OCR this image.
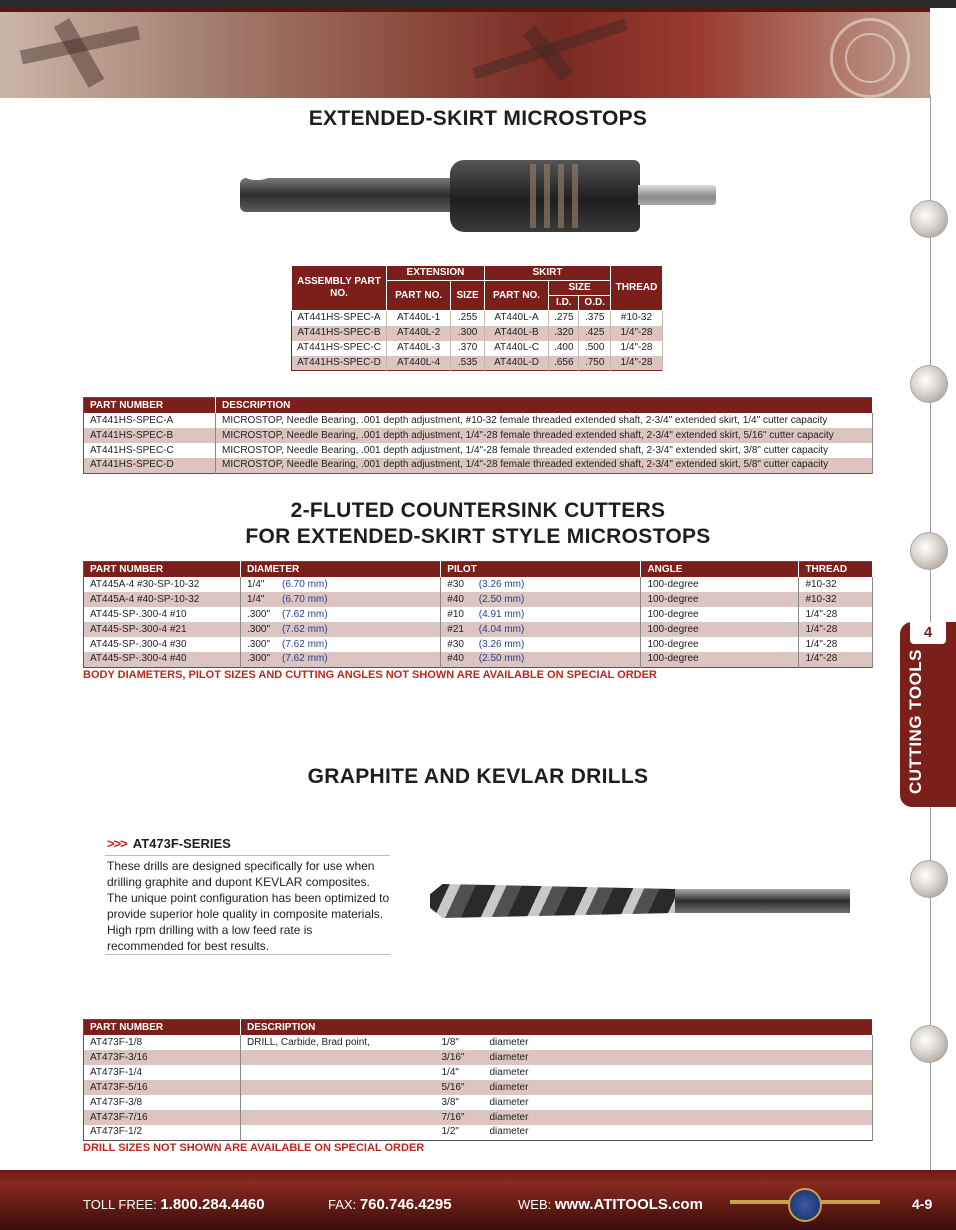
4
CUTTING TOOLS
EXTENDED-SKIRT MICROSTOPS
ASSEMBLY PART NO.	EXTENSION		SKIRT			THREAD
	PART NO.	SIZE	PART NO.	SIZE		
				I.D.	O.D.	
AT441HS-SPEC-A	AT440L-1	.255	AT440L-A	.275	.375	#10-32
AT441HS-SPEC-B	AT440L-2	.300	AT440L-B	.320	.425	1/4"-28
AT441HS-SPEC-C	AT440L-3	.370	AT440L-C	.400	.500	1/4"-28
AT441HS-SPEC-D	AT440L-4	.535	AT440L-D	.656	.750	1/4"-28
PART NUMBER	DESCRIPTION
AT441HS-SPEC-A	MICROSTOP, Needle Bearing, .001 depth adjustment, #10-32 female threaded extended shaft, 2-3/4" extended skirt, 1/4" cutter capacity
AT441HS-SPEC-B	MICROSTOP, Needle Bearing, .001 depth adjustment, 1/4"-28 female threaded extended shaft, 2-3/4" extended skirt, 5/16" cutter capacity
AT441HS-SPEC-C	MICROSTOP, Needle Bearing, .001 depth adjustment, 1/4"-28 female threaded extended shaft, 2-3/4" extended skirt, 3/8" cutter capacity
AT441HS-SPEC-D	MICROSTOP, Needle Bearing, .001 depth adjustment, 1/4"-28 female threaded extended shaft, 2-3/4" extended skirt, 5/8" cutter capacity
2-FLUTED COUNTERSINK CUTTERS
FOR EXTENDED-SKIRT STYLE MICROSTOPS
PART NUMBER	DIAMETER		PILOT		ANGLE	THREAD
AT445A-4 #30-SP-10-32	1/4"	(6.70 mm)	#30	(3.26 mm)	100-degree	#10-32
AT445A-4 #40-SP-10-32	1/4"	(6.70 mm)	#40	(2.50 mm)	100-degree	#10-32
AT445-SP-.300-4 #10	.300"	(7.62 mm)	#10	(4.91 mm)	100-degree	1/4"-28
AT445-SP-.300-4 #21	.300"	(7.62 mm)	#21	(4.04 mm)	100-degree	1/4"-28
AT445-SP-.300-4 #30	.300"	(7.62 mm)	#30	(3.26 mm)	100-degree	1/4"-28
AT445-SP-.300-4 #40	.300"	(7.62 mm)	#40	(2.50 mm)	100-degree	1/4"-28
BODY DIAMETERS, PILOT SIZES AND CUTTING ANGLES NOT SHOWN ARE AVAILABLE ON SPECIAL ORDER
GRAPHITE AND KEVLAR DRILLS
>>> AT473F-SERIES
These drills are designed specifically for use when drilling graphite and dupont KEVLAR composites. The unique point configuration has been optimized to provide superior hole quality in composite materials. High rpm drilling with a low feed rate is recommended for best results.
PART NUMBER	DESCRIPTION		
AT473F-1/8	DRILL, Carbide, Brad point,	1/8"	diameter
AT473F-3/16		3/16"	diameter
AT473F-1/4		1/4"	diameter
AT473F-5/16		5/16"	diameter
AT473F-3/8		3/8"	diameter
AT473F-7/16		7/16"	diameter
AT473F-1/2		1/2"	diameter
DRILL SIZES NOT SHOWN ARE AVAILABLE ON SPECIAL ORDER
TOLL FREE: 1.800.284.4460	FAX: 760.746.4295	WEB: www.ATITOOLS.com	4-9
